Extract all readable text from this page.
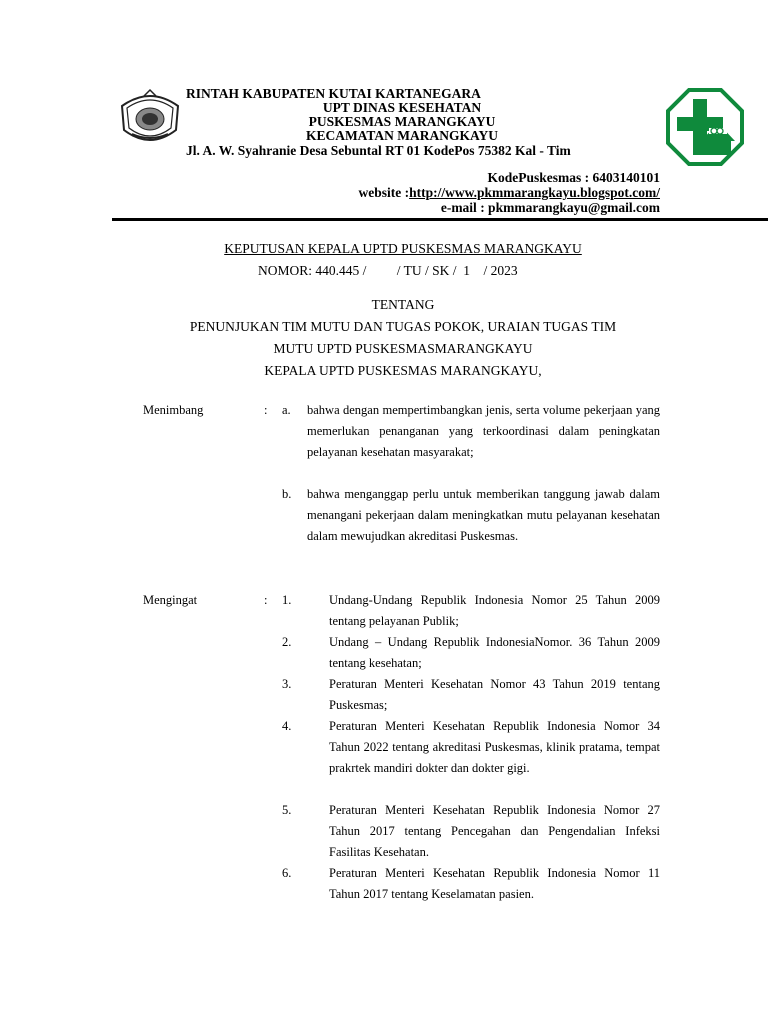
RINTAH KABUPATEN KUTAI KARTANEGARA
UPT DINAS KESEHATAN
PUSKESMAS MARANGKAYU
KECAMATAN MARANGKAYU
Jl. A. W. Syahranie Desa Sebuntal RT 01 KodePos 75382 Kal - Tim
KodePuskesmas : 6403140101
website :http://www.pkmmarangkayu.blogspot.com/
e-mail : pkmmarangkayu@gmail.com
KEPUTUSAN KEPALA UPTD PUSKESMAS MARANGKAYU
NOMOR: 440.445 /         / TU / SK /  1    / 2023
TENTANG
PENUNJUKAN TIM MUTU DAN TUGAS POKOK, URAIAN TUGAS TIM
MUTU UPTD PUSKESMASMARANGKAYU
KEPALA UPTD PUSKESMAS MARANGKAYU,
Menimbang	: a. bahwa dengan mempertimbangkan jenis, serta volume pekerjaan yang memerlukan penanganan yang terkoordinasi dalam peningkatan pelayanan kesehatan masyarakat;
b. bahwa menganggap perlu untuk memberikan tanggung jawab dalam menangani pekerjaan dalam meningkatkan mutu pelayanan kesehatan dalam mewujudkan akreditasi Puskesmas.
Mengingat	: 1.	Undang-Undang Republik Indonesia Nomor 25 Tahun 2009 tentang pelayanan Publik;
2.	Undang – Undang Republik IndonesiaNomor. 36 Tahun 2009 tentang kesehatan;
3.	Peraturan Menteri Kesehatan Nomor 43 Tahun 2019 tentang Puskesmas;
4.	Peraturan Menteri Kesehatan Republik Indonesia Nomor 34 Tahun 2022 tentang akreditasi Puskesmas, klinik pratama, tempat prakrtek mandiri dokter dan dokter gigi.
5.	Peraturan Menteri Kesehatan Republik Indonesia Nomor 27 Tahun 2017 tentang Pencegahan dan Pengendalian Infeksi Fasilitas Kesehatan.
6.	Peraturan Menteri Kesehatan Republik Indonesia Nomor 11 Tahun 2017 tentang Keselamatan pasien.
